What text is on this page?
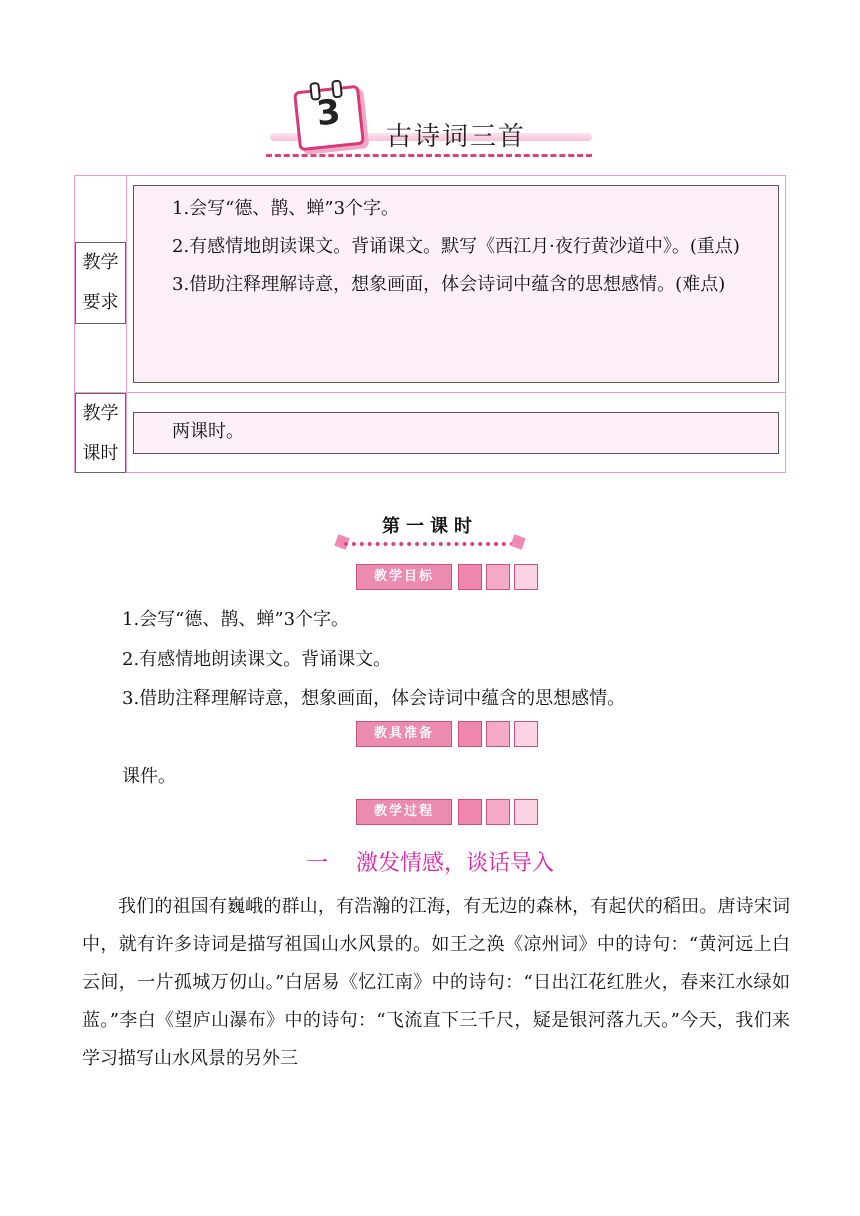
3
古诗词三首
教学
要求

1.会写“德、鹊、蝉”3个字。

2.有感情地朗读课文。背诵课文。默写《西江月·夜行黄沙道中》。(重点)

3.借助注释理解诗意，想象画面，体会诗词中蕴含的思想感情。(难点)

教学
课时

两课时。

第一课时
教学目标
1.会写“德、鹊、蝉”3个字。
2.有感情地朗读课文。背诵课文。
3.借助注释理解诗意，想象画面，体会诗词中蕴含的思想感情。
教具准备
课件。
教学过程
一 激发情感，谈话导入

我们的祖国有巍峨的群山，有浩瀚的江海，有无边的森林，有起伏的稻田。唐诗宋词中，就有许多诗词是描写祖国山水风景的。如王之涣《凉州词》中的诗句：“黄河远上白云间，一片孤城万仞山。”白居易《忆江南》中的诗句：“日出江花红胜火，春来江水绿如蓝。”李白《望庐山瀑布》中的诗句：“飞流直下三千尺，疑是银河落九天。”今天，我们来学习描写山水风景的另外三
